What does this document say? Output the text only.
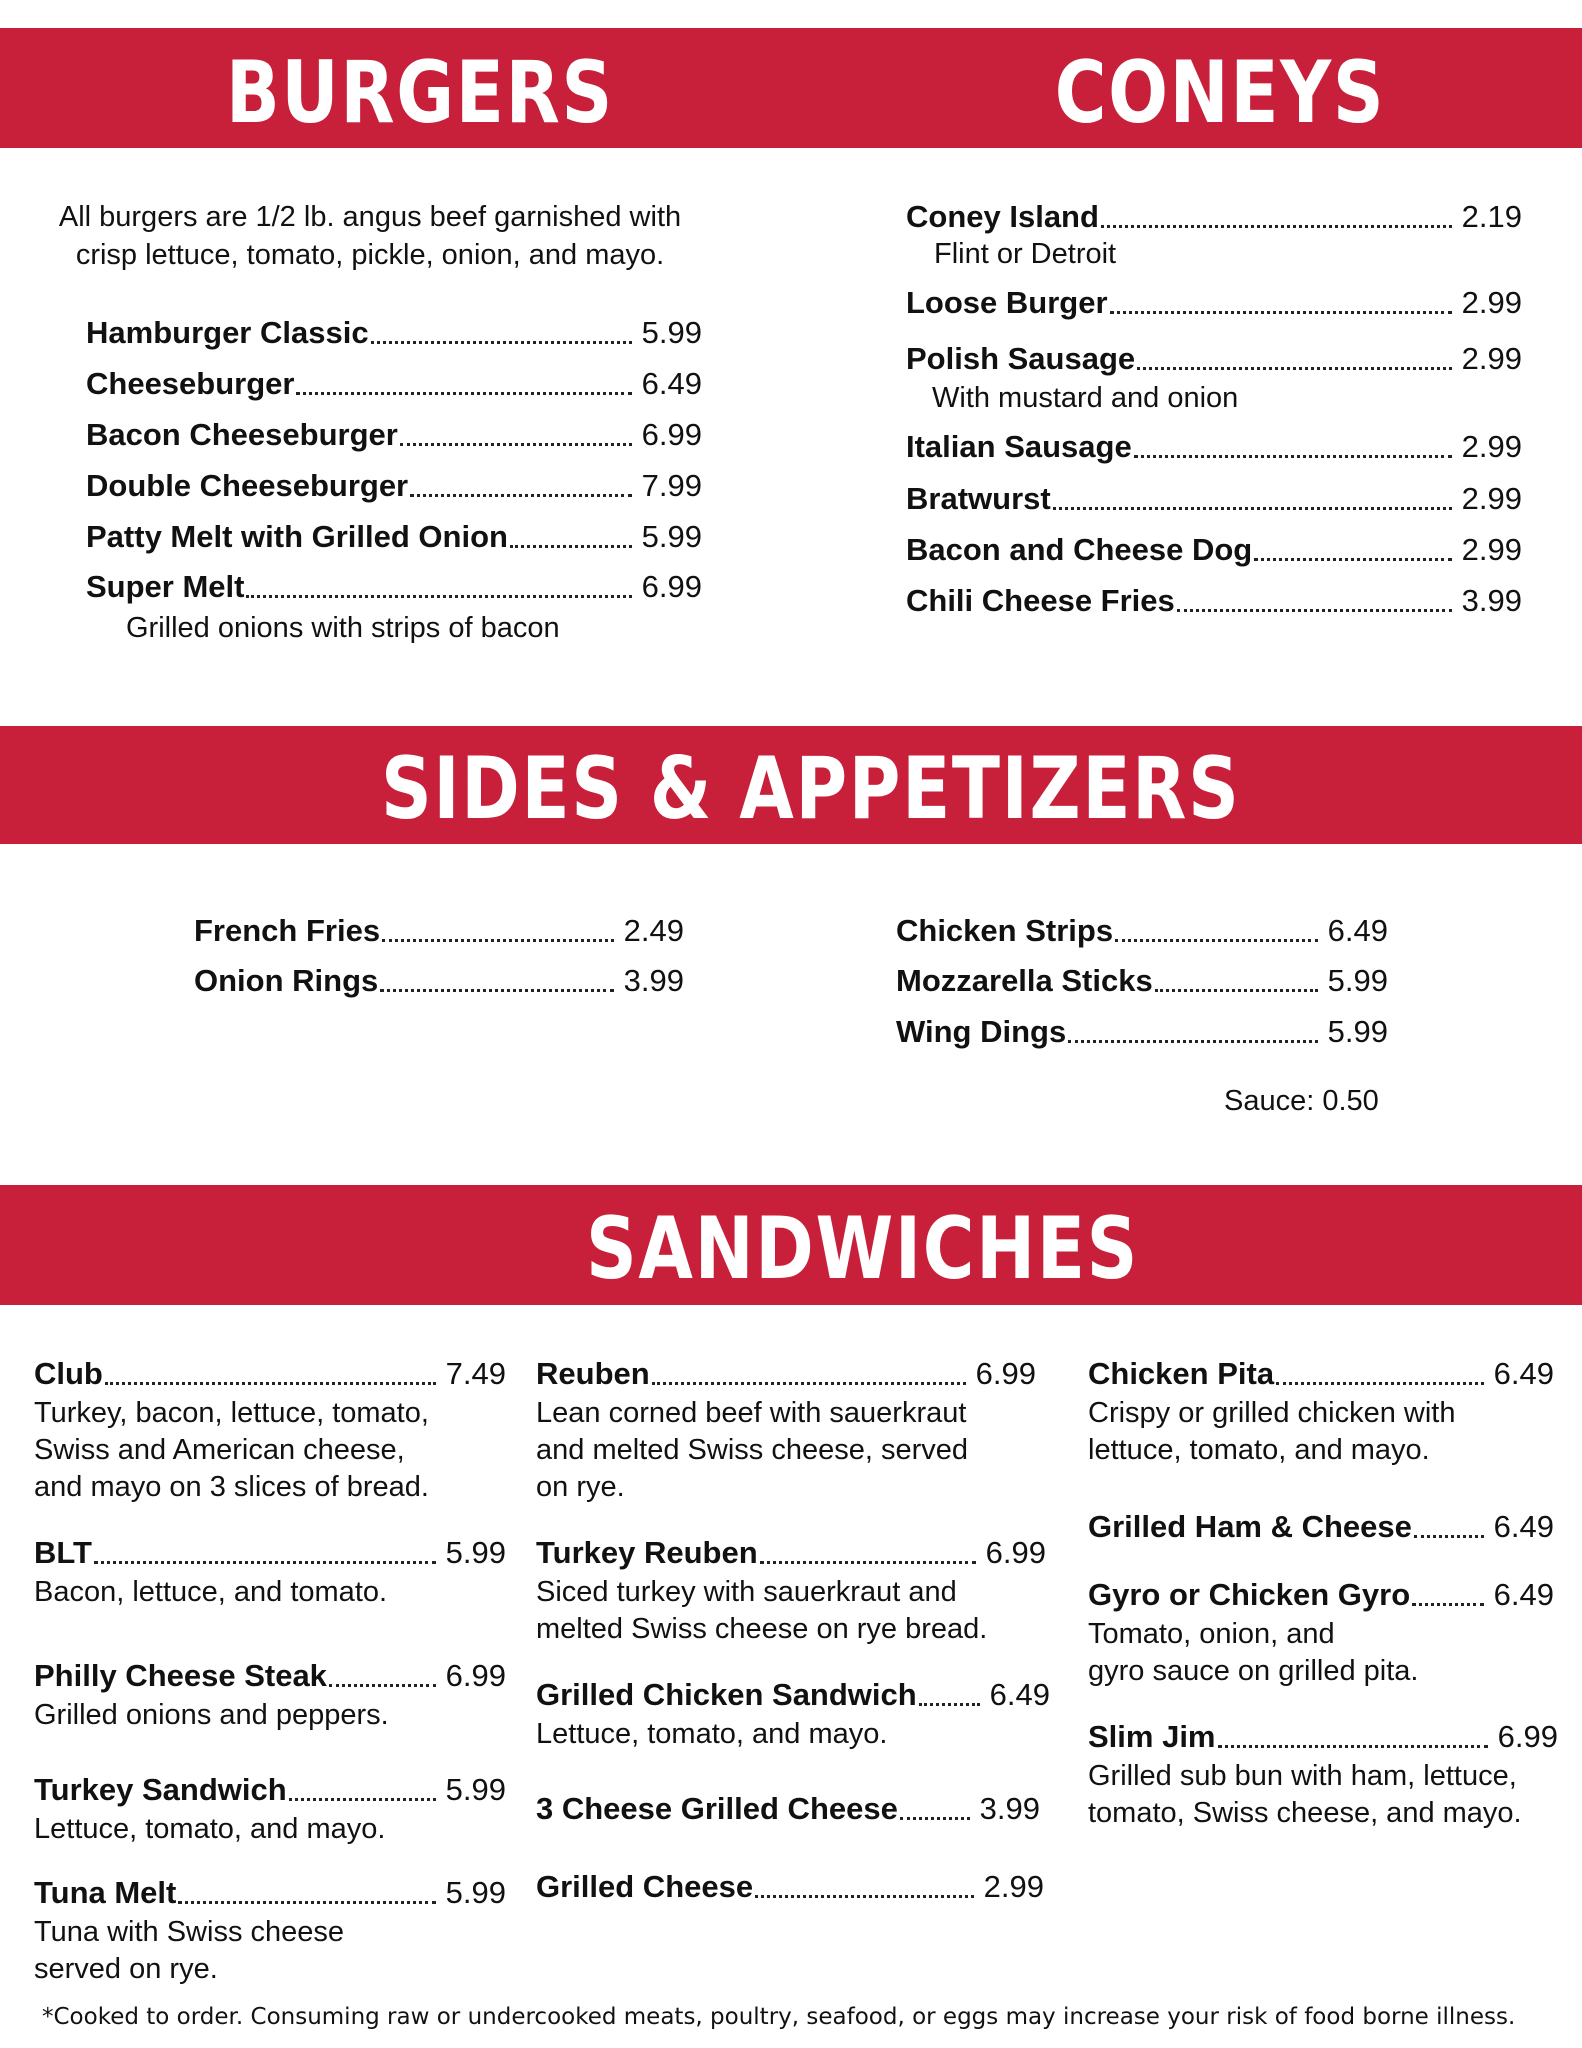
BURGERS	CONEYS
All burgers are 1/2 lb. angus beef garnished with
crisp lettuce, tomato, pickle, onion, and mayo.
Hamburger Classic	5.99
Cheeseburger	6.49
Bacon Cheeseburger	6.99
Double Cheeseburger	7.99
Patty Melt with Grilled Onion	5.99
Super Melt	6.99
Grilled onions with strips of bacon
Coney Island	2.19
Flint or Detroit
Loose Burger	2.99
Polish Sausage	2.99
With mustard and onion
Italian Sausage	2.99
Bratwurst	2.99
Bacon and Cheese Dog	2.99
Chili Cheese Fries	3.99
SIDES & APPETIZERS
French Fries	2.49
Onion Rings	3.99
Chicken Strips	6.49
Mozzarella Sticks	5.99
Wing Dings	5.99
Sauce: 0.50
SANDWICHES
Club	7.49
Turkey, bacon, lettuce, tomato,
Swiss and American cheese,
and mayo on 3 slices of bread.
BLT	5.99
Bacon, lettuce, and tomato.
Philly Cheese Steak	6.99
Grilled onions and peppers.
Turkey Sandwich	5.99
Lettuce, tomato, and mayo.
Tuna Melt	5.99
Tuna with Swiss cheese
served on rye.
Reuben	6.99
Lean corned beef with sauerkraut
and melted Swiss cheese, served
on rye.
Turkey Reuben	6.99
Siced turkey with sauerkraut and
melted Swiss cheese on rye bread.
Grilled Chicken Sandwich 6.49
Lettuce, tomato, and mayo.
3 Cheese Grilled Cheese	3.99
Grilled Cheese	2.99
Chicken Pita	6.49
Crispy or grilled chicken with
lettuce, tomato, and mayo.
Grilled Ham & Cheese	6.49
Gyro or Chicken Gyro	6.49
Tomato, onion, and
gyro sauce on grilled pita.
Slim Jim	6.99
Grilled sub bun with ham, lettuce,
tomato, Swiss cheese, and mayo.
*Cooked to order. Consuming raw or undercooked meats, poultry, seafood, or eggs may increase your risk of food borne illness.
